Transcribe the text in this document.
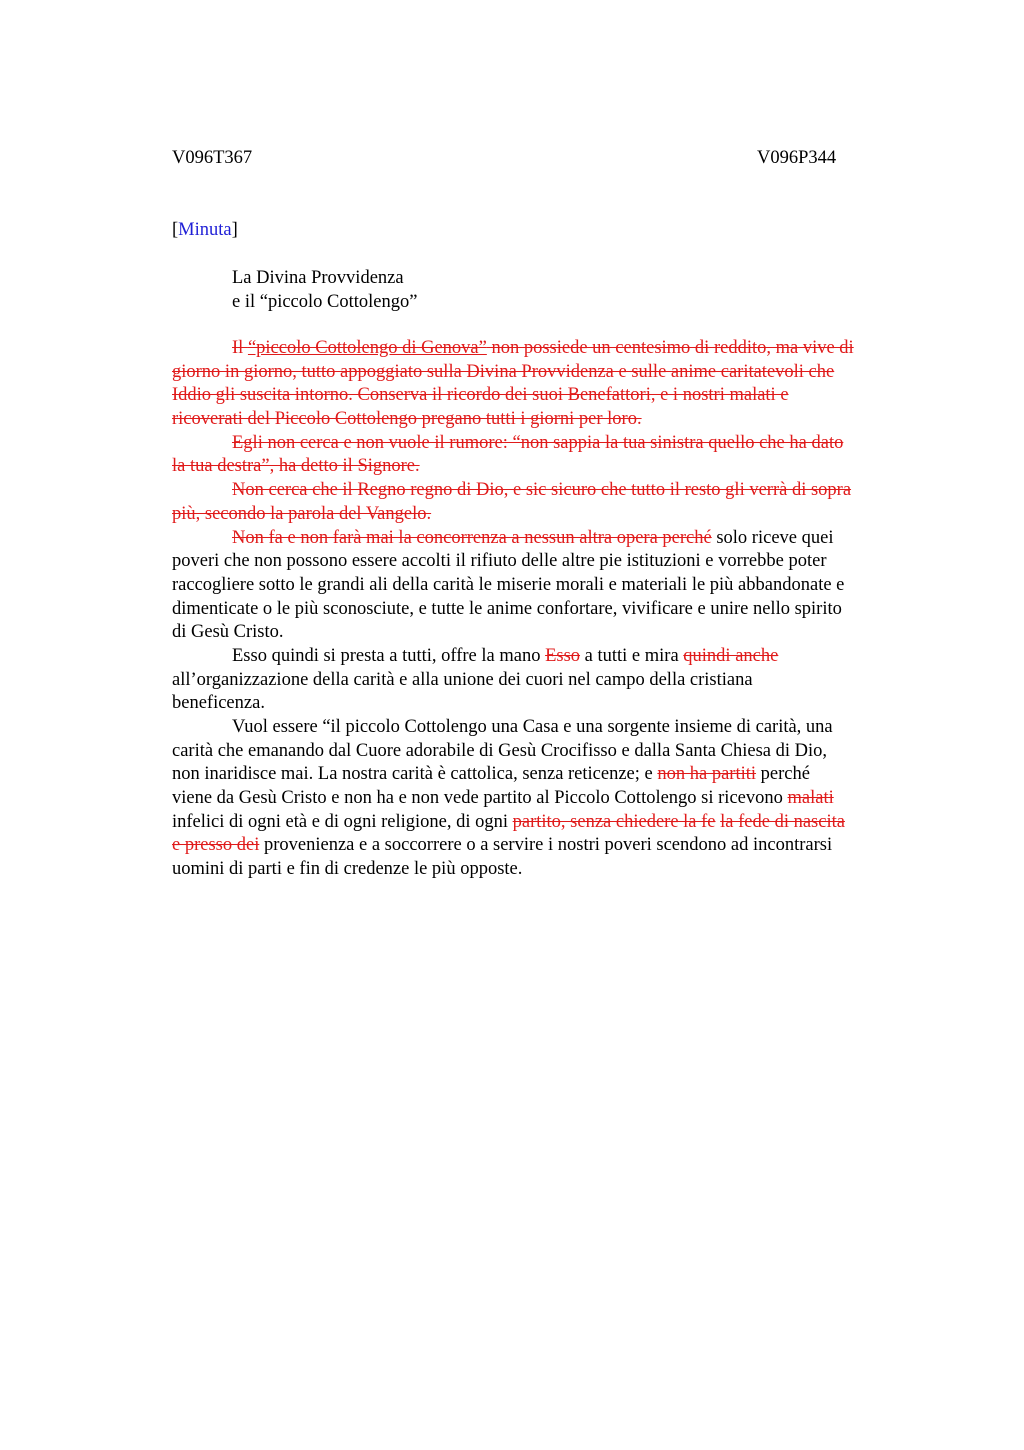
V096T367	V096P344
[Minuta]
La Divina Provvidenza
e il “piccolo Cottolengo”
Il “piccolo Cottolengo di Genova” non possiede un centesimo di reddito, ma vive di
giorno in giorno, tutto appoggiato sulla Divina Provvidenza e sulle anime caritatevoli che
Iddio gli suscita intorno. Conserva il ricordo dei suoi Benefattori, e i nostri malati e
ricoverati del Piccolo Cottolengo pregano tutti i giorni per loro.
Egli non cerca e non vuole il rumore: “non sappia la tua sinistra quello che ha dato
la tua destra”, ha detto il Signore.
Non cerca che il Regno regno di Dio, e sic sicuro che tutto il resto gli verrà di sopra
più, secondo la parola del Vangelo.
Non fa e non farà mai la concorrenza a nessun altra opera perché solo riceve quei
poveri che non possono essere accolti il rifiuto delle altre pie istituzioni e vorrebbe poter
raccogliere sotto le grandi ali della carità le miserie morali e materiali le più abbandonate e
dimenticate o le più sconosciute, e tutte le anime confortare, vivificare e unire nello spirito
di Gesù Cristo.
Esso quindi si presta a tutti, offre la mano Esso a tutti e mira quindi anche
all’organizzazione della carità e alla unione dei cuori nel campo della cristiana
beneficenza.
Vuol essere “il piccolo Cottolengo una Casa e una sorgente insieme di carità, una
carità che emanando dal Cuore adorabile di Gesù Crocifisso e dalla Santa Chiesa di Dio,
non inaridisce mai. La nostra carità è cattolica, senza reticenze; e non ha partiti perché
viene da Gesù Cristo e non ha e non vede partito al Piccolo Cottolengo si ricevono malati
infelici di ogni età e di ogni religione, di ogni partito, senza chiedere la fe la fede di nascita
e presso dei provenienza e a soccorrere o a servire i nostri poveri scendono ad incontrarsi
uomini di parti e fin di credenze le più opposte.
